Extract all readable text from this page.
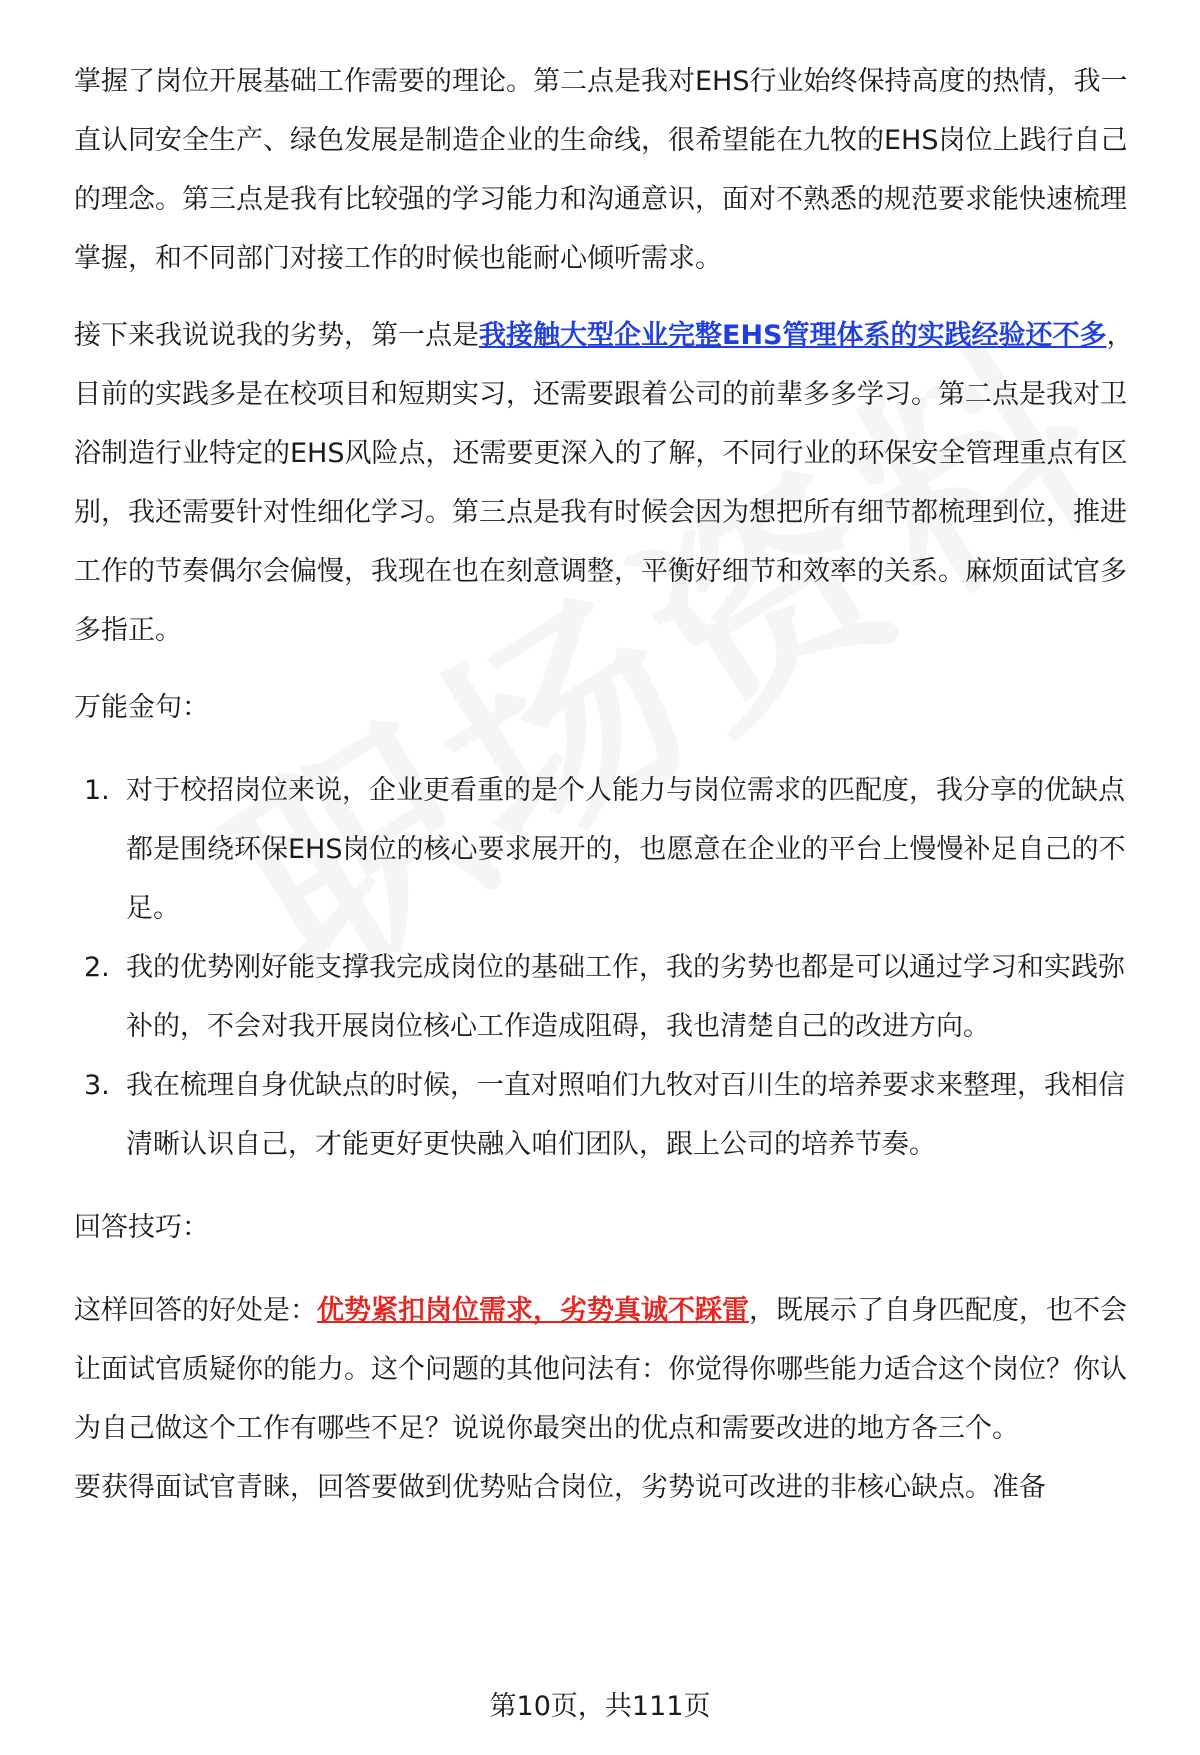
掌握了岗位开展基础工作需要的理论。第二点是我对EHS行业始终保持高度的热情，我一直认同安全生产、绿色发展是制造企业的生命线，很希望能在九牧的EHS岗位上践行自己的理念。第三点是我有比较强的学习能力和沟通意识，面对不熟悉的规范要求能快速梳理掌握，和不同部门对接工作的时候也能耐心倾听需求。

接下来我说说我的劣势，第一点是我接触大型企业完整EHS管理体系的实践经验还不多，目前的实践多是在校项目和短期实习，还需要跟着公司的前辈多多学习。第二点是我对卫浴制造行业特定的EHS风险点，还需要更深入的了解，不同行业的环保安全管理重点有区别，我还需要针对性细化学习。第三点是我有时候会因为想把所有细节都梳理到位，推进工作的节奏偶尔会偏慢，我现在也在刻意调整，平衡好细节和效率的关系。麻烦面试官多多指正。

万能金句：

1. 对于校招岗位来说，企业更看重的是个人能力与岗位需求的匹配度，我分享的优缺点都是围绕环保EHS岗位的核心要求展开的，也愿意在企业的平台上慢慢补足自己的不足。
2. 我的优势刚好能支撑我完成岗位的基础工作，我的劣势也都是可以通过学习和实践弥补的，不会对我开展岗位核心工作造成阻碍，我也清楚自己的改进方向。
3. 我在梳理自身优缺点的时候，一直对照咱们九牧对百川生的培养要求来整理，我相信清晰认识自己，才能更好更快融入咱们团队，跟上公司的培养节奏。

回答技巧：

这样回答的好处是：优势紧扣岗位需求，劣势真诚不踩雷，既展示了自身匹配度，也不会让面试官质疑你的能力。这个问题的其他问法有：你觉得你哪些能力适合这个岗位？你认为自己做这个工作有哪些不足？说说你最突出的优点和需要改进的地方各三个。

要获得面试官青睐，回答要做到优势贴合岗位，劣势说可改进的非核心缺点。准备

第10页，共111页
